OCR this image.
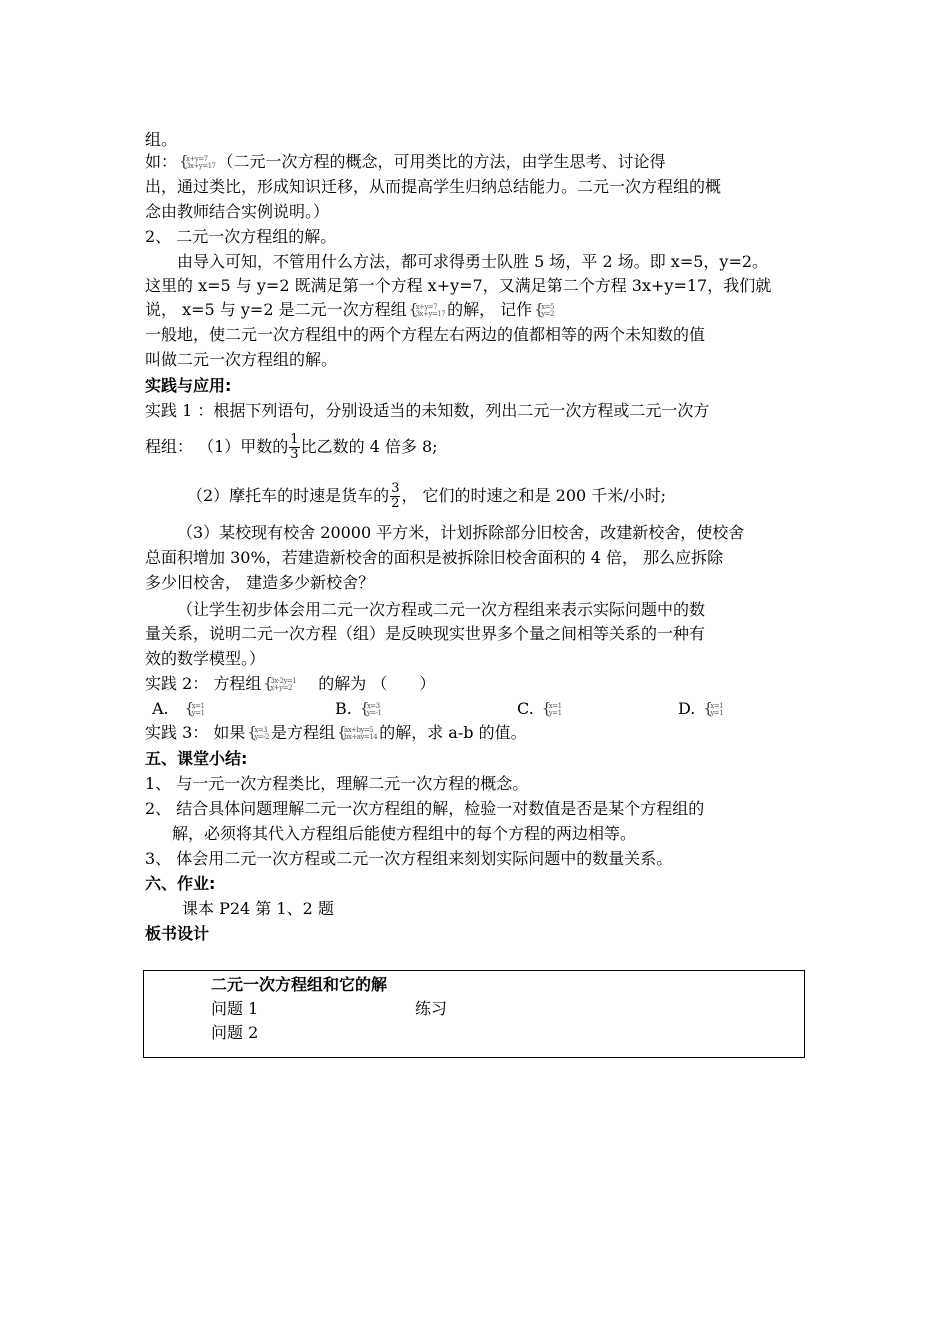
组。
如： {
x+y=7
3x+y=17 （二元一次方程的概念，可用类比的方法，由学生思考、讨论得
出，通过类比，形成知识迁移，从而提高学生归纳总结能力。二元一次方程组的概
念由教师结合实例说明。）
2、 二元一次方程组的解。
由导入可知，不管用什么方法，都可求得勇士队胜 5 场，平 2 场。即 x=5，y=2。
这里的 x=5 与 y=2 既满足第一个方程 x+y=7，又满足第二个方程 3x+y=17，我们就
说， x=5 与 y=2 是二元一次方程组 {
x+y=7
3x+y=17 的解， 记作 {
x=5
y=2
一般地，使二元一次方程组中的两个方程左右两边的值都相等的两个未知数的值
叫做二元一次方程组的解。
实践与应用:
实践 1 ：根据下列语句，分别设适当的未知数，列出二元一次方程或二元一次方
程组： （1）甲数的 $\frac{1}{3}$ 比乙数的 4 倍多 8;
（2）摩托车的时速是货车的 $\frac{3}{2}$ ， 它们的时速之和是 200 千米/小时;
（3）某校现有校舍 20000 平方米，计划拆除部分旧校舍，改建新校舍，使校舍
总面积增加 30%，若建造新校舍的面积是被拆除旧校舍面积的 4 倍， 那么应拆除
多少旧校舍， 建造多少新校舍？
（让学生初步体会用二元一次方程或二元一次方程组来表示实际问题中的数
量关系，说明二元一次方程（组）是反映现实世界多个量之间相等关系的一种有
效的数学模型。）
实践 2： 方程组 {
3x-2y=1
x+y=2 的解为 （　　）
A. {
x=1
y=1	B. {
x=3
y=-1	C. {
x=1
y=1	D. {
x=1
y=1
实践 3： 如果 {
x=3
y=-2 是方程组 {
ax+by=5
bx+ay=14 的解，求 a-b 的值。
五、课堂小结:
1、 与一元一次方程类比，理解二元一次方程的概念。
2、 结合具体问题理解二元一次方程组的解，检验一对数值是否是某个方程组的
解，必须将其代入方程组后能使方程组中的每个方程的两边相等。
3、 体会用二元一次方程或二元一次方程组来刻划实际问题中的数量关系。
六、作业:
课本 P24 第 1、2 题
板书设计
二元一次方程组和它的解
问题 1	练习
问题 2
